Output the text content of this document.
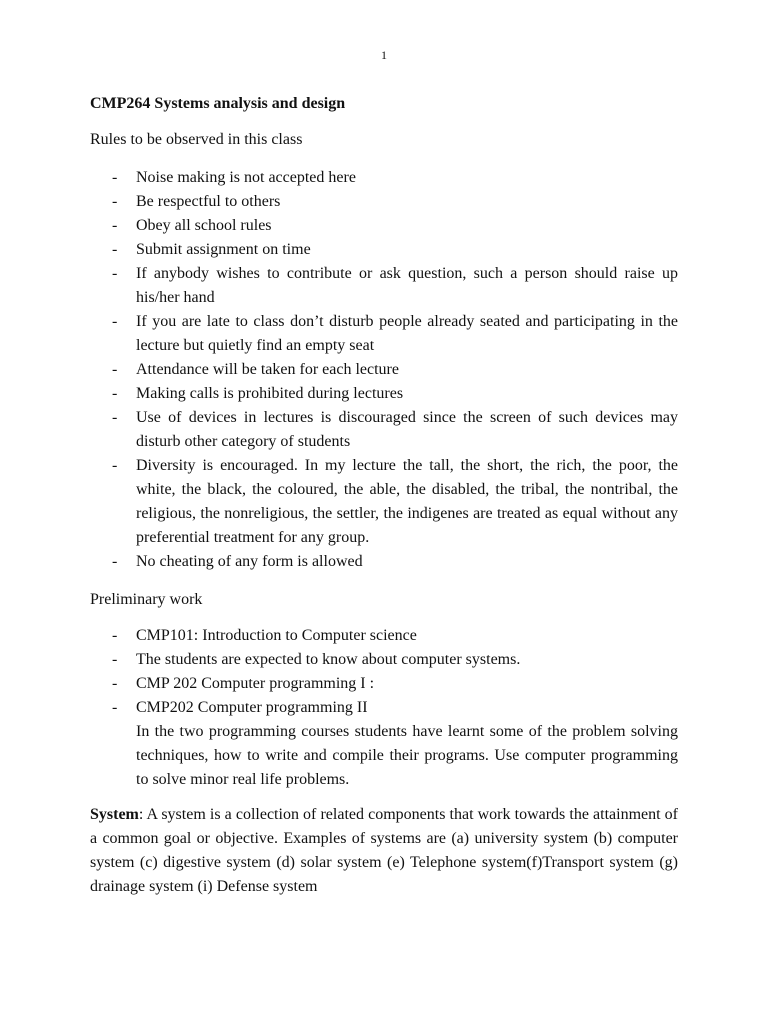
1

CMP264 Systems analysis and design

Rules to be observed in this class

- Noise making is not accepted here
- Be respectful to others
- Obey all school rules
- Submit assignment on time
- If anybody wishes to contribute or ask question, such a person should raise up his/her hand
- If you are late to class don’t disturb people already seated and participating in the lecture but quietly find an empty seat
- Attendance will be taken for each lecture
- Making calls is prohibited during lectures
- Use of devices in lectures is discouraged since the screen of such devices may disturb other category of students
- Diversity is encouraged. In my lecture the tall, the short, the rich, the poor, the white, the black, the coloured, the able, the disabled, the tribal, the nontribal, the religious, the nonreligious, the settler, the indigenes are treated as equal without any preferential treatment for any group.
- No cheating of any form is allowed

Preliminary work

- CMP101: Introduction to Computer science
- The students are expected to know about computer systems.
- CMP 202 Computer programming I :
- CMP202 Computer programming II

In the two programming courses students have learnt some of the problem solving techniques, how to write and compile their programs. Use computer programming to solve minor real life problems.

System: A system is a collection of related components that work towards the attainment of a common goal or objective. Examples of systems are (a) university system (b) computer system (c) digestive system (d) solar system (e) Telephone system(f)Transport system (g) drainage system (i) Defense system
